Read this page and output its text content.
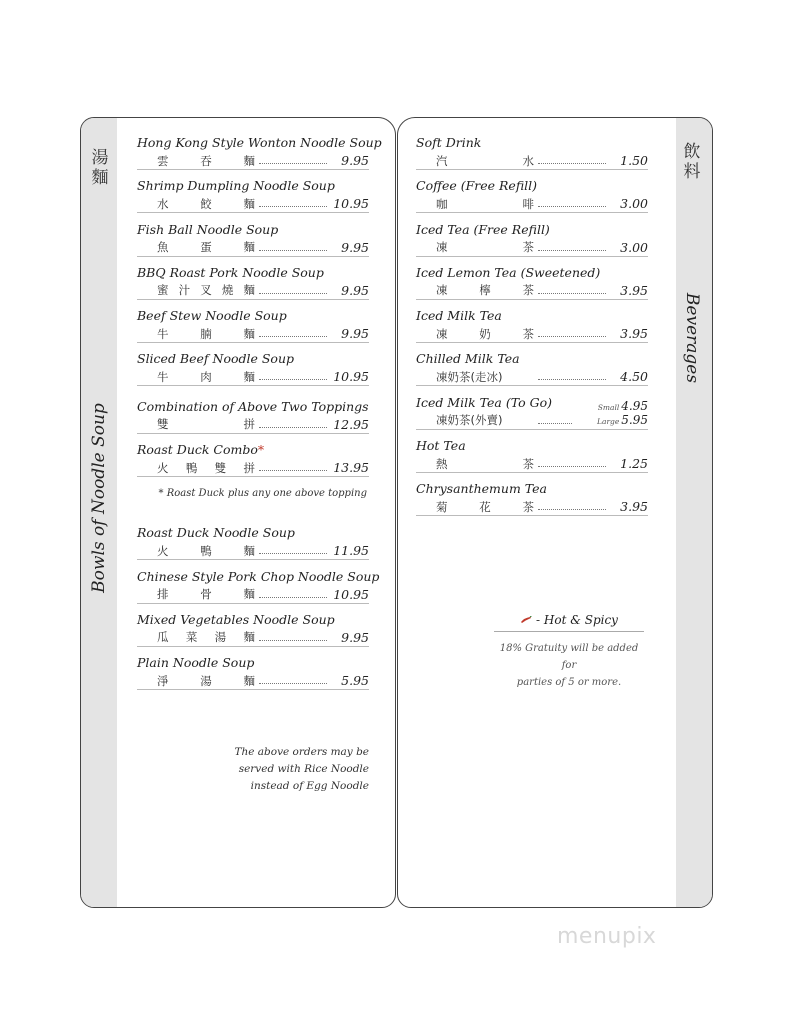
湯
麵
Bowls of Noodle Soup
Hong Kong Style Wonton Noodle Soup
雲	吞	麵	9.95
Shrimp Dumpling Noodle Soup
水	餃	麵	10.95
Fish Ball Noodle Soup
魚	蛋	麵	9.95
BBQ Roast Pork Noodle Soup
蜜 汁 叉 燒 麵	9.95
Beef Stew Noodle Soup
牛	腩	麵	9.95
Sliced Beef Noodle Soup
牛	肉	麵	10.95
Combination of Above Two Toppings
雙	拼	12.95
Roast Duck Combo*
火 鴨 雙 拼	13.95
* Roast Duck plus any one above topping
Roast Duck Noodle Soup
火	鴨	麵	11.95
Chinese Style Pork Chop Noodle Soup
排	骨	麵	10.95
Mixed Vegetables Noodle Soup
瓜 菜 湯 麵	9.95
Plain Noodle Soup
淨	湯	麵	5.95
The above orders may be
served with Rice Noodle
instead of Egg Noodle
飲
料
Beverages
Soft Drink
汽	水	1.50
Coffee (Free Refill)
咖	啡	3.00
Iced Tea (Free Refill)
凍	茶	3.00
Iced Lemon Tea (Sweetened)
凍	檸	茶	3.95
Iced Milk Tea
凍	奶	茶	3.95
Chilled Milk Tea
凍奶茶(走冰)	4.50
Iced Milk Tea (To Go)
凍奶茶(外賣)
Small 4.95
Large 5.95
Hot Tea
熱	茶	1.25
Chrysanthemum Tea
菊	花	茶	3.95
- Hot & Spicy
18% Gratuity will be added for
parties of 5 or more.
menupix
